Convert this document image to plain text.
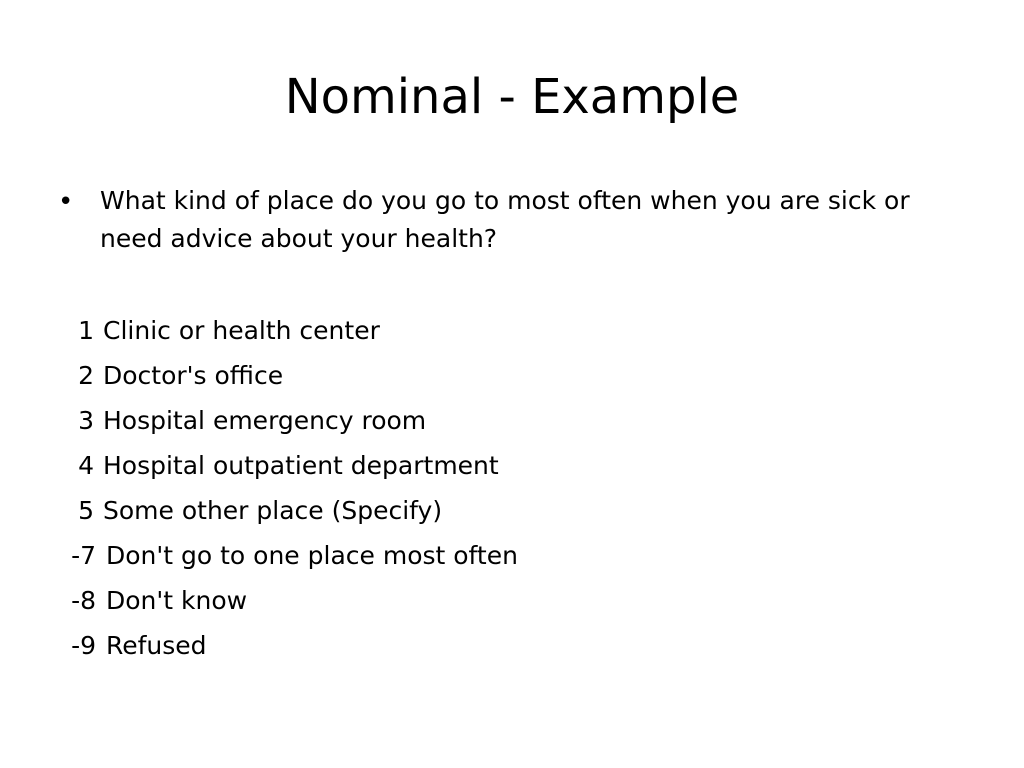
Nominal - Example
• What kind of place do you go to most often when you are sick or need advice about your health?
1 Clinic or health center
2 Doctor's office
3 Hospital emergency room
4 Hospital outpatient department
5 Some other place (Specify)
-7 Don't go to one place most often
-8 Don't know
-9 Refused
